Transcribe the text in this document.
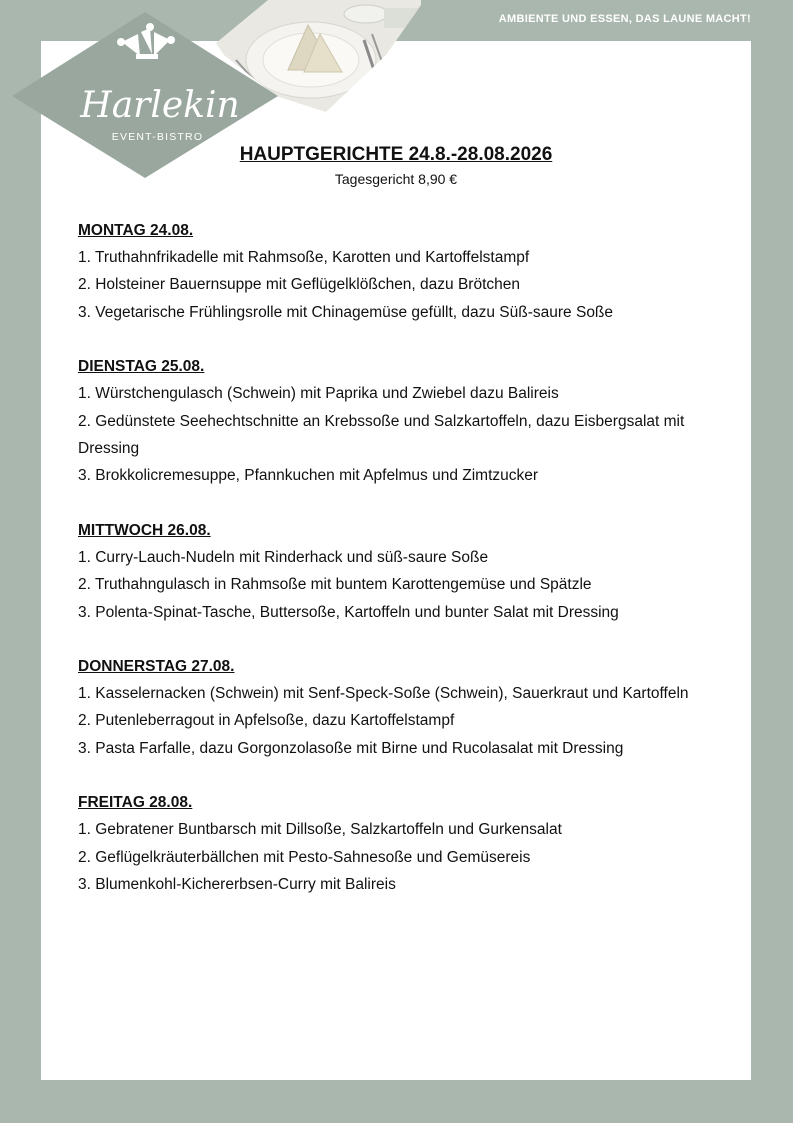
AMBIENTE UND ESSEN, DAS LAUNE MACHT!
Harlekin
EVENT-BISTRO
HAUPTGERICHTE 24.8.-28.08.2026
Tagesgericht 8,90 €
MONTAG 24.08.
1. Truthahnfrikadelle mit Rahmsoße, Karotten und Kartoffelstampf
2. Holsteiner Bauernsuppe mit Geflügelklößchen, dazu Brötchen
3. Vegetarische Frühlingsrolle mit Chinagemüse gefüllt, dazu Süß-saure Soße
DIENSTAG 25.08.
1. Würstchengulasch (Schwein) mit Paprika und Zwiebel dazu Balireis
2. Gedünstete Seehechtschnitte an Krebssoße und Salzkartoffeln, dazu Eisbergsalat mit Dressing
3. Brokkolicremesuppe, Pfannkuchen mit Apfelmus und Zimtzucker
MITTWOCH 26.08.
1. Curry-Lauch-Nudeln mit Rinderhack und süß-saure Soße
2. Truthahngulasch in Rahmsoße mit buntem Karottengemüse und Spätzle
3. Polenta-Spinat-Tasche, Buttersoße, Kartoffeln und bunter Salat mit Dressing
DONNERSTAG 27.08.
1. Kasselernacken (Schwein) mit Senf-Speck-Soße (Schwein), Sauerkraut und Kartoffeln
2. Putenleberragout in Apfelsoße, dazu Kartoffelstampf
3. Pasta Farfalle, dazu Gorgonzolasoße mit Birne und Rucolasalat mit Dressing
FREITAG 28.08.
1. Gebratener Buntbarsch mit Dillsoße, Salzkartoffeln und Gurkensalat
2. Geflügelkräuterbällchen mit Pesto-Sahnesoße und Gemüsereis
3. Blumenkohl-Kichererbsen-Curry mit Balireis
